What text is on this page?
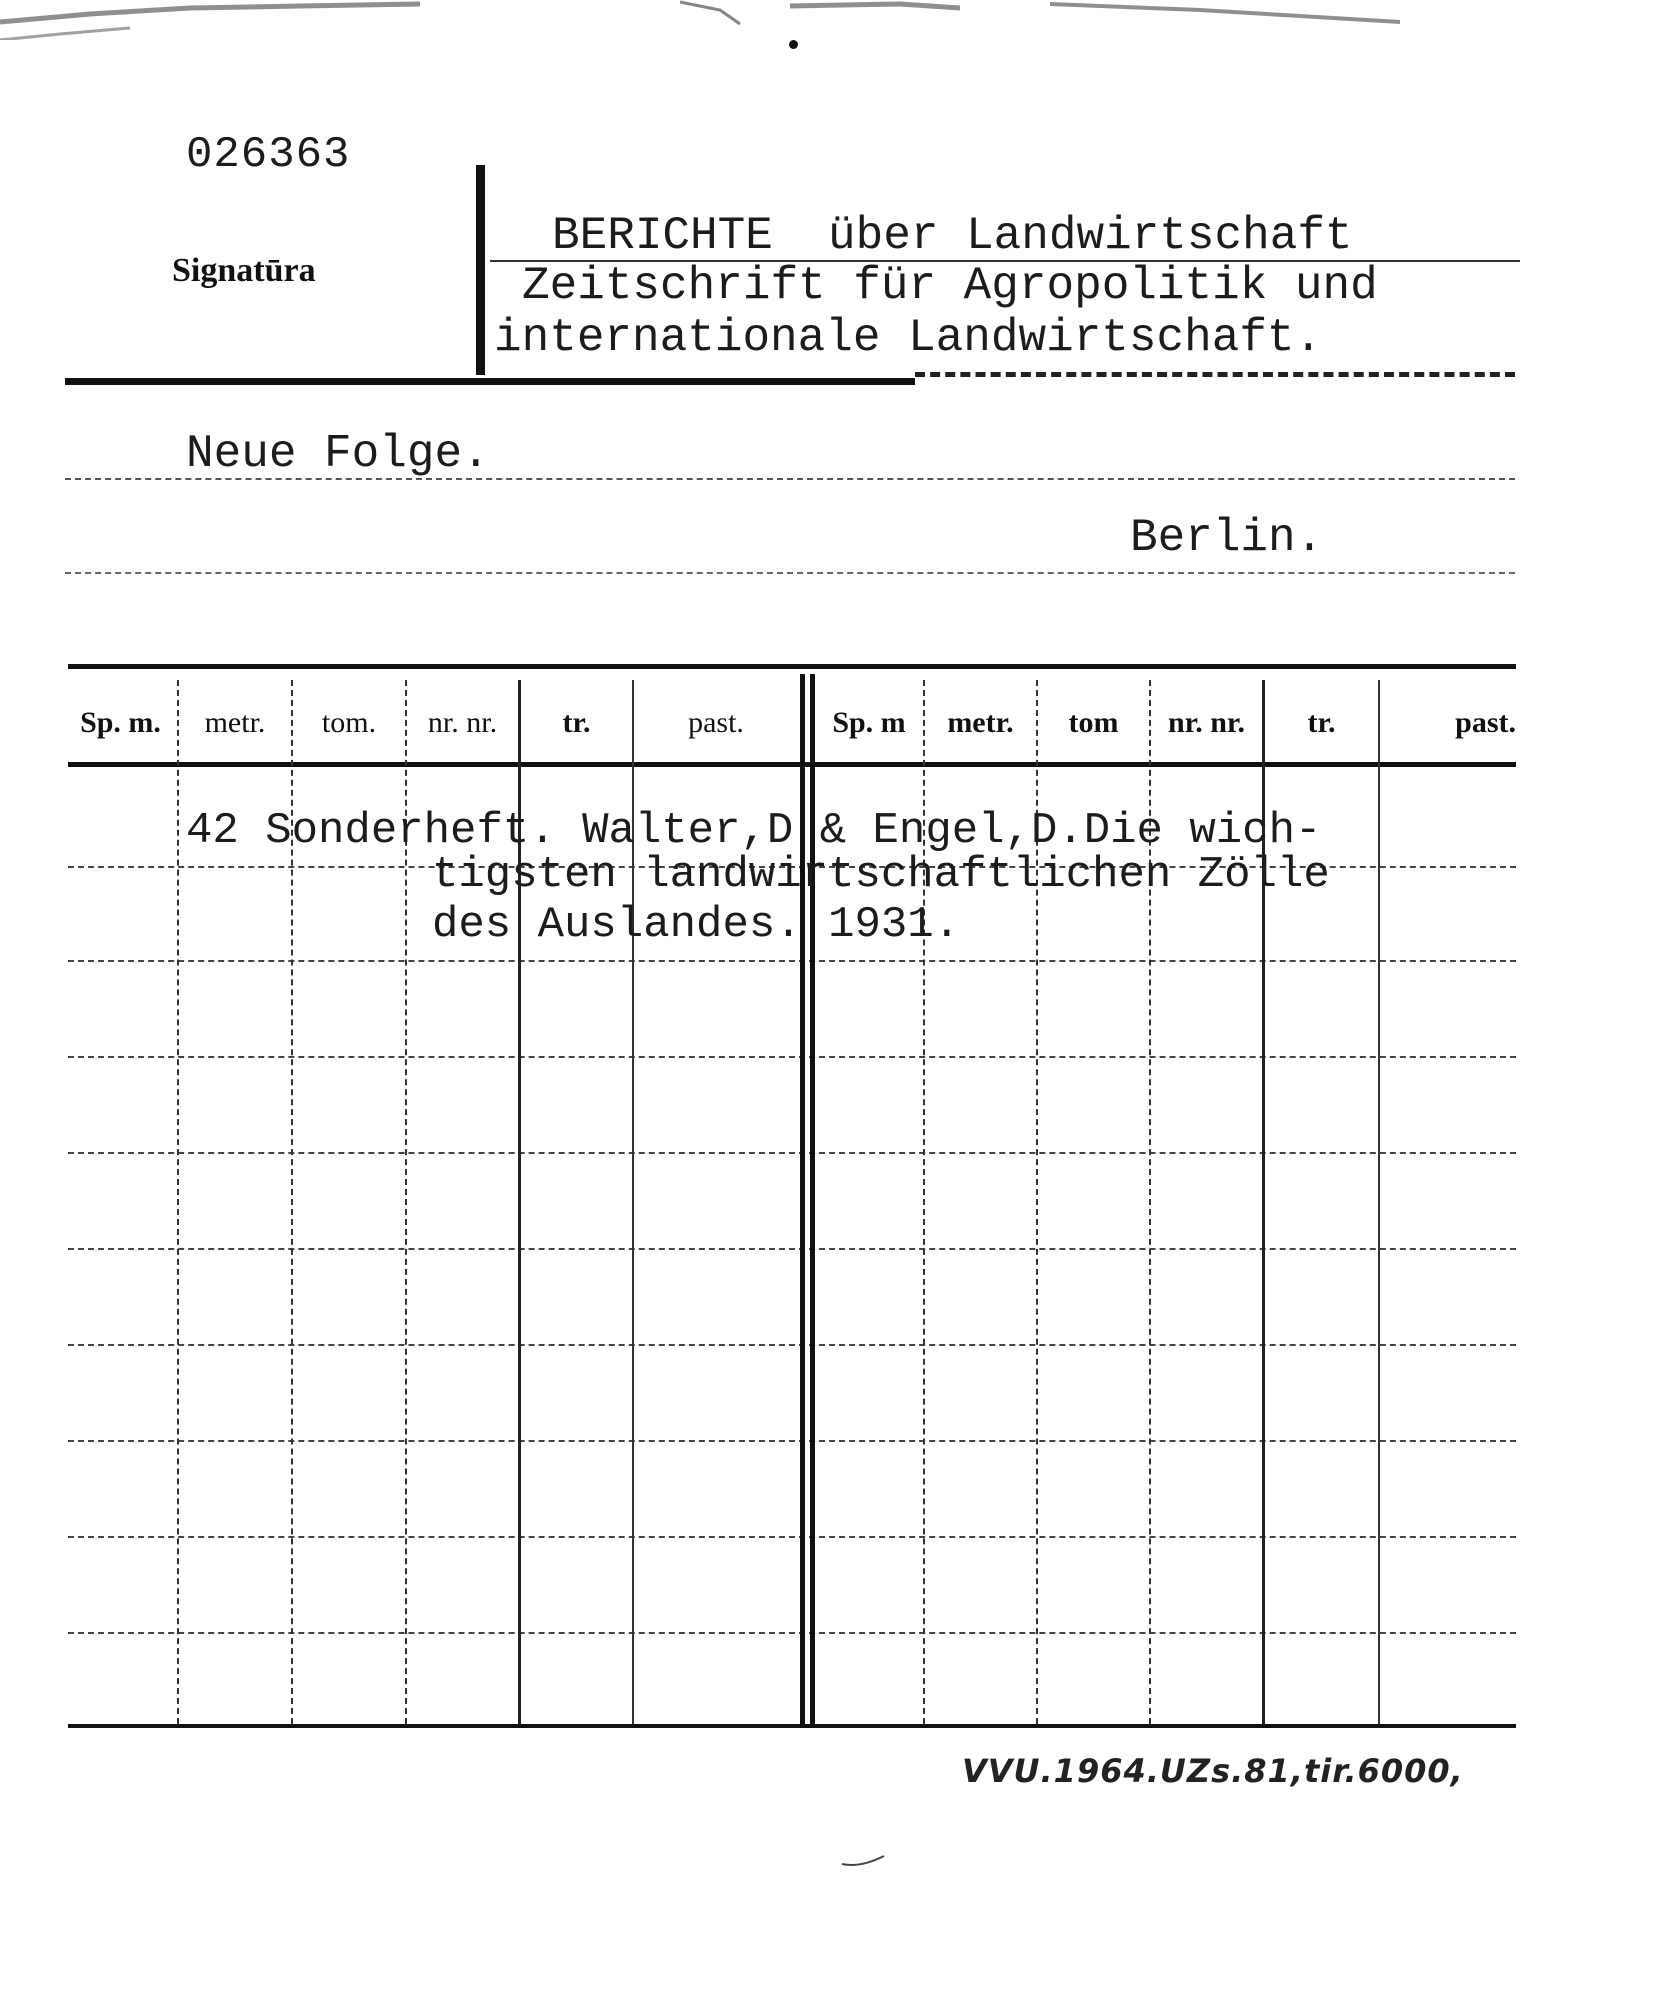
026363
Signatūra
BERICHTE  über Landwirtschaft
Zeitschrift für Agropolitik und
internationale Landwirtschaft.
Neue Folge.
Berlin.
Sp. m.	metr.	tom.	nr. nr.	tr.	past.	Sp. m	metr.	tom	nr. nr.	tr.	past.
42 Sonderheft. Walter,D & Engel,D.Die wich-
tigsten landwirtschaftlichen Zölle
des Auslandes. 1931.
VVU.1964.UZs.81,tir.6000,
